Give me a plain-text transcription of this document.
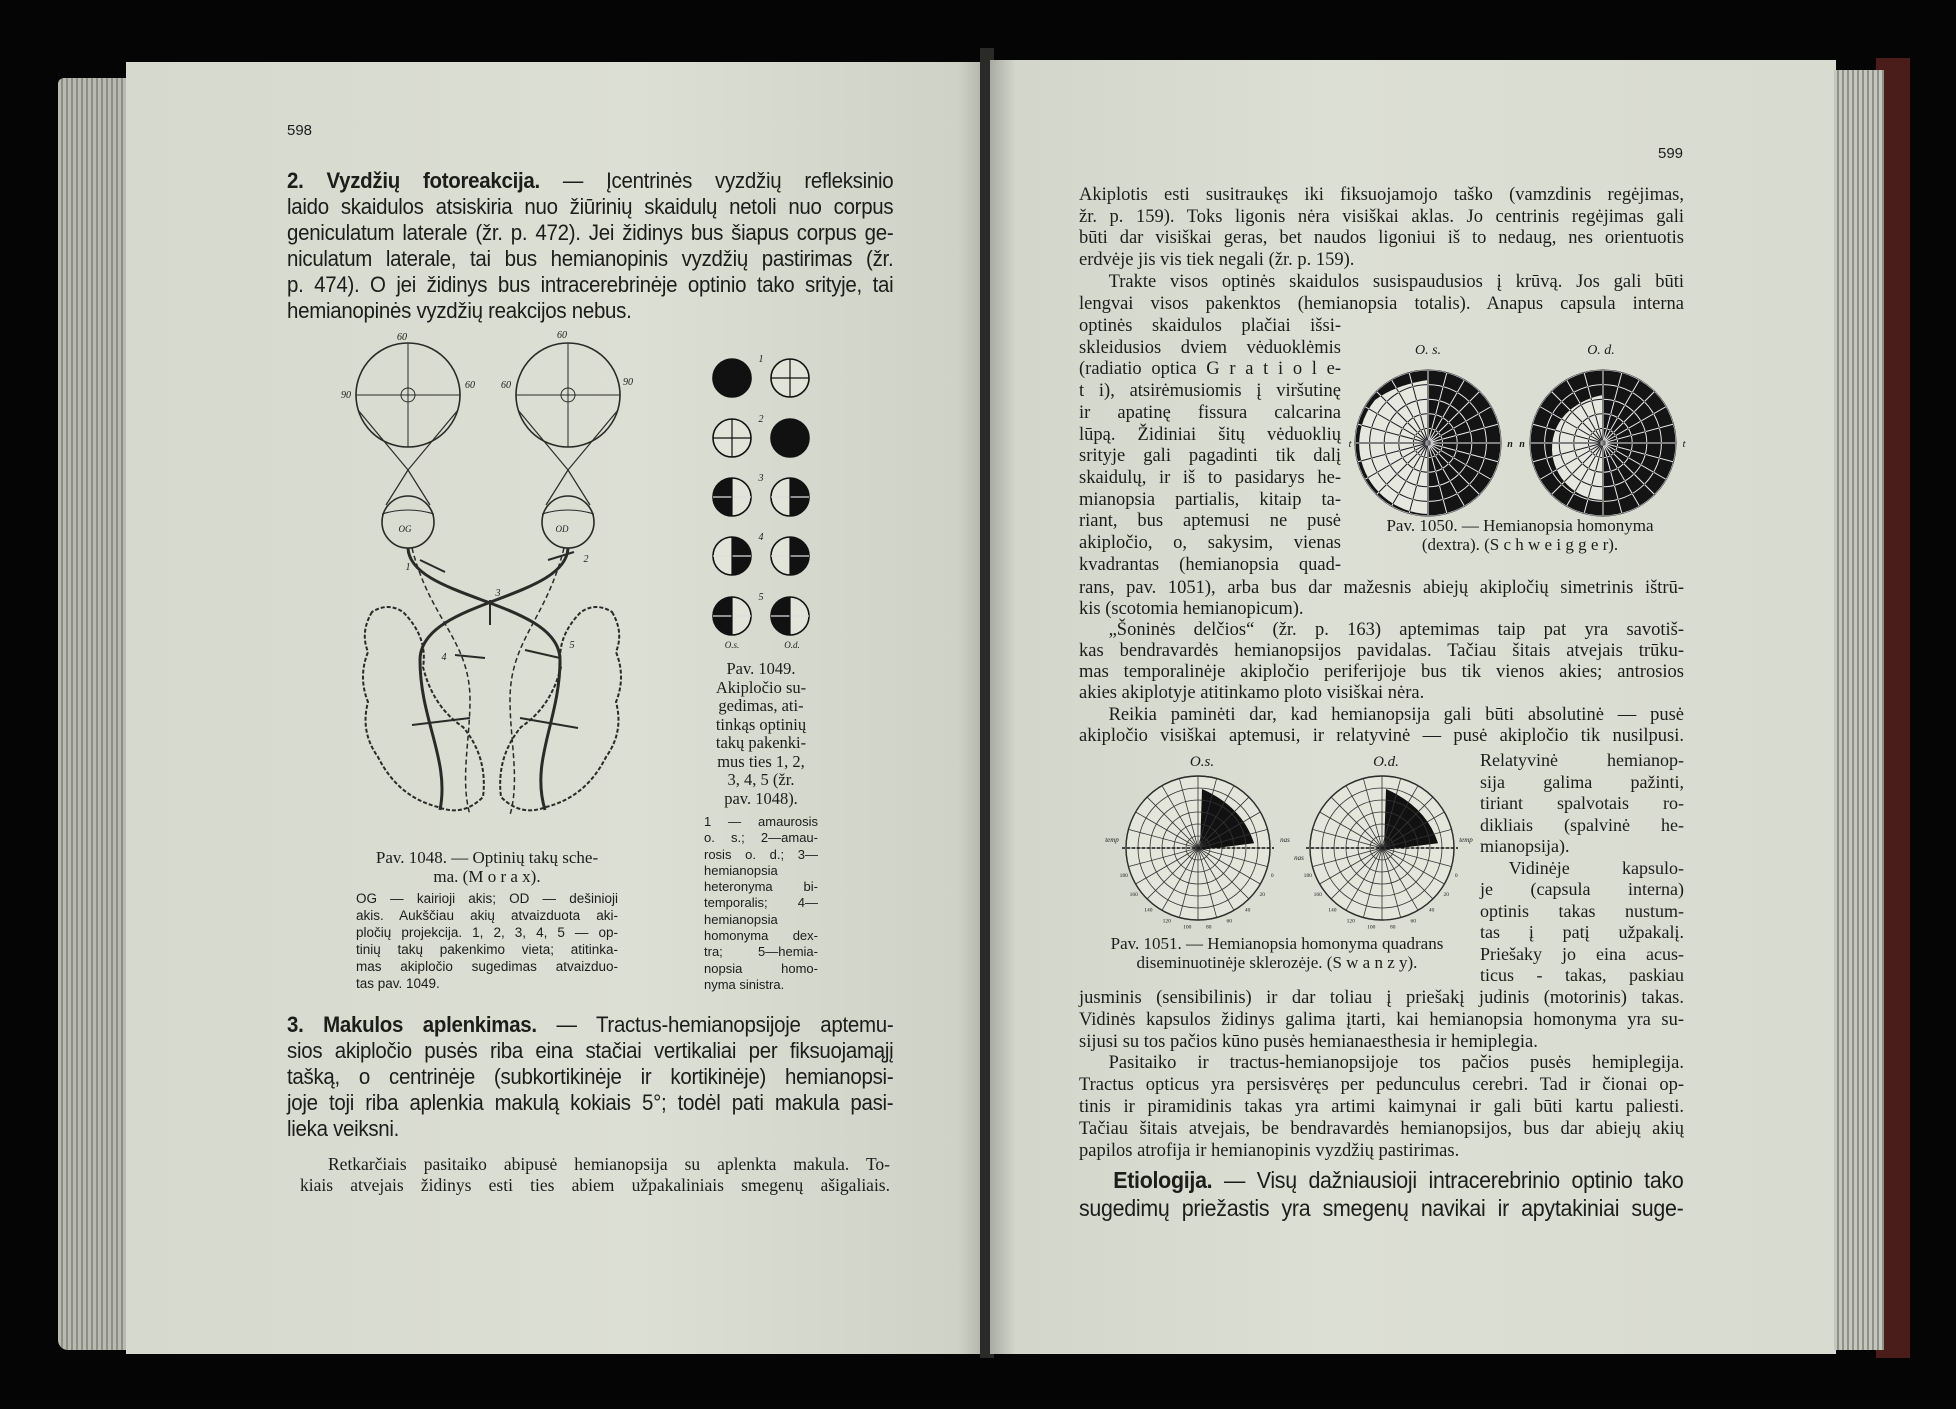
598
2. Vyzdžių fotoreakcija. — Įcentrinės vyzdžių refleksinio
laido skaidulos atsiskiria nuo žiūrinių skaidulų netoli nuo corpus
geniculatum laterale (žr. p. 472). Jei židinys bus šiapus corpus ge-
niculatum laterale, tai bus hemianopinis vyzdžių pastirimas (žr.
p. 474). O jei židinys bus intracerebrinėje optinio tako srityje, tai
hemianopinės vyzdžių reakcijos nebus.
60
90
60
60
60	90
OG	OD
1
2
3
4
5
1
2
3
4
5
O.s.	O.d.
Pav. 1048. — Optinių takų sche-
ma. (M o r a x).
OG — kairioji akis; OD — dešinioji
akis. Aukščiau akių atvaizduota aki-
pločių projekcija. 1, 2, 3, 4, 5 — op-
tinių takų pakenkimo vieta; atitinka-
mas akipločio sugedimas atvaizduo-
tas pav. 1049.
Pav. 1049.
Akipločio su-
gedimas, ati-
tinkąs optinių
takų pakenki-
mus ties 1, 2,
3, 4, 5 (žr.
pav. 1048).
1 — amaurosis
o. s.; 2—amau-
rosis o. d.; 3—
hemianopsia
heteronyma bi-
temporalis; 4—
hemianopsia
homonyma dex-
tra; 5—hemia-
nopsia homo-
nyma sinistra.
3. Makulos aplenkimas. — Tractus-hemianopsijoje aptemu-
sios akipločio pusės riba eina stačiai vertikaliai per fiksuojamąjį
tašką, o centrinėje (subkortikinėje ir kortikinėje) hemianopsi-
joje toji riba aplenkia makulą kokiais 5°; todėl pati makula pasi-
lieka veiksni.
Retkarčiais pasitaiko abipusė hemianopsija su aplenkta makula. To-
kiais atvejais židinys esti ties abiem užpakaliniais smegenų ašigaliais.
599
Akiplotis esti susitraukęs iki fiksuojamojo taško (vamzdinis regėjimas,
žr. p. 159). Toks ligonis nėra visiškai aklas. Jo centrinis regėjimas gali
būti dar visiškai geras, bet naudos ligoniui iš to nedaug, nes orientuotis
erdvėje jis vis tiek negali (žr. p. 159).
Trakte visos optinės skaidulos susispaudusios į krūvą. Jos gali būti
lengvai visos pakenktos (hemianopsia totalis). Anapus capsula interna
optinės skaidulos plačiai išsi-
skleidusios dviem vėduoklėmis
(radiatio optica G r a t i o l e-
t i), atsirėmusiomis į viršutinę
ir apatinę fissura calcarina
lūpą. Židiniai šitų vėduoklių
srityje gali pagadinti tik dalį
skaidulų, ir iš to pasidarys he-
mianopsia partialis, kitaip ta-
riant, bus aptemusi ne pusė
akipločio, o, sakysim, vienas
kvadrantas (hemianopsia quad-
O. s.	O. d.
t	n n	t
Pav. 1050. — Hemianopsia homonyma
(dextra). (S c h w e i g g e r).
rans, pav. 1051), arba bus dar mažesnis abiejų akipločių simetrinis ištrū-
kis (scotomia hemianopicum).
„Šoninės delčios“ (žr. p. 163) aptemimas taip pat yra savotiš-
kas bendravardės hemianopsijos pavidalas. Tačiau šitais atvejais trūku-
mas temporalinėje akipločio periferijoje bus tik vienos akies; antrosios
akies akiplotyje atitinkamo ploto visiškai nėra.
Reikia paminėti dar, kad hemianopsija gali būti absolutinė — pusė
akipločio visiškai aptemusi, ir relatyvinė — pusė akipločio tik nusilpusi.
O.s.
0
20
40
60
80
100
120
140
160
180
O.d.
0
20
40
60
80
100
120
140
160
180
temp	nas
nas
temp
Pav. 1051. — Hemianopsia homonyma quadrans
diseminuotinėje sklerozėje. (S w a n z y).
Relatyvinė hemianop-
sija galima pažinti,
tiriant spalvotais ro-
dikliais (spalvinė he-
mianopsija).
Vidinėje kapsulo-
je (capsula interna)
optinis takas nustum-
tas į patį užpakalį.
Priešaky jo eina acus-
ticus - takas, paskiau
jusminis (sensibilinis) ir dar toliau į priešakį judinis (motorinis) takas.
Vidinės kapsulos židinys galima įtarti, kai hemianopsia homonyma yra su-
sijusi su tos pačios kūno pusės hemianaesthesia ir hemiplegia.
Pasitaiko ir tractus-hemianopsijoje tos pačios pusės hemiplegija.
Tractus opticus yra persisvėręs per pedunculus cerebri. Tad ir čionai op-
tinis ir piramidinis takas yra artimi kaimynai ir gali būti kartu paliesti.
Tačiau šitais atvejais, be bendravardės hemianopsijos, bus dar abiejų akių
papilos atrofija ir hemianopinis vyzdžių pastirimas.
Etiologija. — Visų dažniausioji intracerebrinio optinio tako
sugedimų priežastis yra smegenų navikai ir apytakiniai suge-
